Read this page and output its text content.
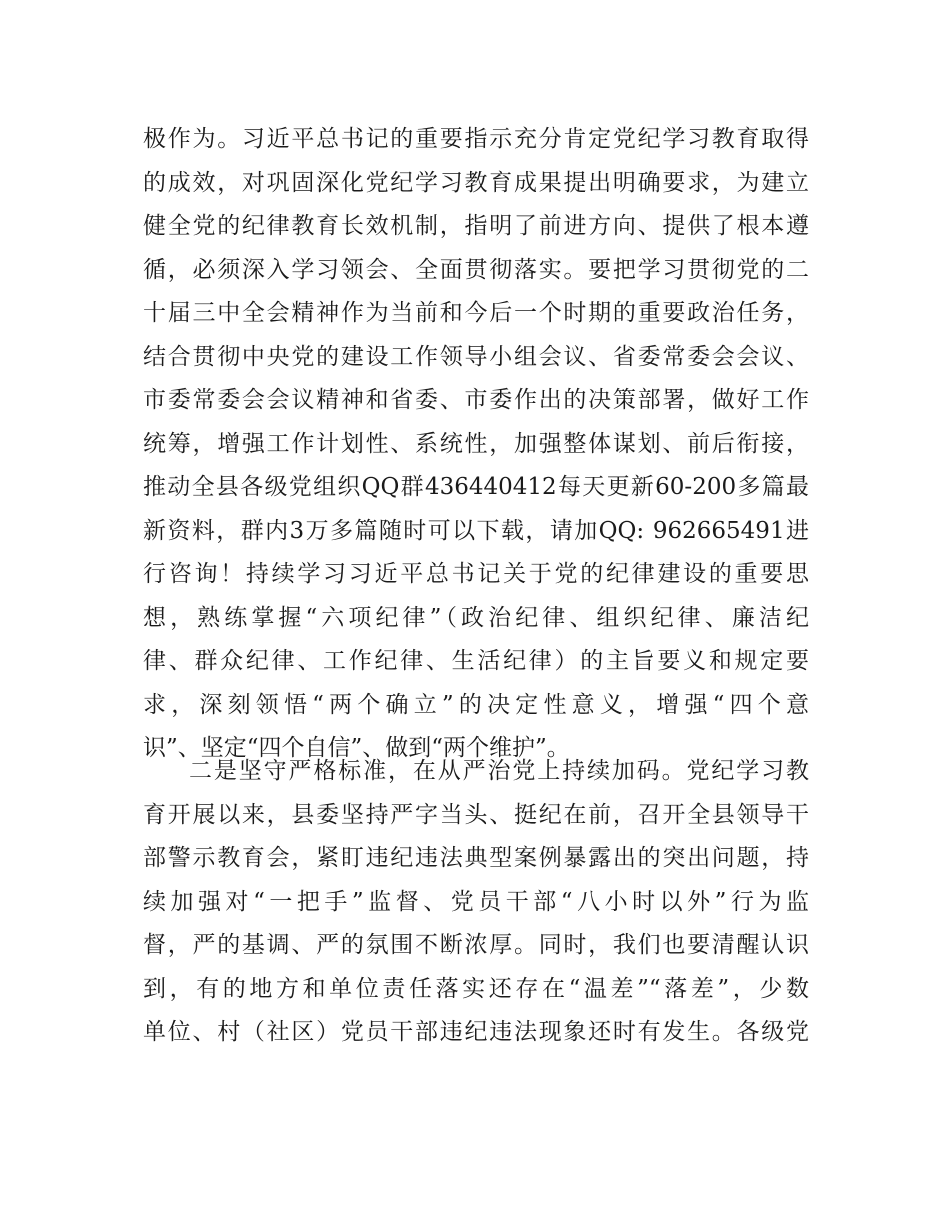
极作为。习近平总书记的重要指示充分肯定党纪学习教育取得
的成效，对巩固深化党纪学习教育成果提出明确要求，为建立
健全党的纪律教育长效机制，指明了前进方向、提供了根本遵
循，必须深入学习领会、全面贯彻落实。要把学习贯彻党的二
十届三中全会精神作为当前和今后一个时期的重要政治任务，
结合贯彻中央党的建设工作领导小组会议、省委常委会会议、
市委常委会会议精神和省委、市委作出的决策部署，做好工作
统筹，增强工作计划性、系统性，加强整体谋划、前后衔接，
推动全县各级党组织QQ群436440412每天更新60-200多篇最
新资料，群内3万多篇随时可以下载，请加QQ: 962665491进
行咨询！持续学习习近平总书记关于党的纪律建设的重要思
想，熟练掌握“六项纪律”（政治纪律、组织纪律、廉洁纪
律、群众纪律、工作纪律、生活纪律）的主旨要义和规定要
求，深刻领悟“两个确立”的决定性意义，增强“四个意
识”、坚定“四个自信”、做到“两个维护”。
二是坚守严格标准，在从严治党上持续加码。党纪学习教
育开展以来，县委坚持严字当头、挺纪在前，召开全县领导干
部警示教育会，紧盯违纪违法典型案例暴露出的突出问题，持
续加强对“一把手”监督、党员干部“八小时以外”行为监
督，严的基调、严的氛围不断浓厚。同时，我们也要清醒认识
到，有的地方和单位责任落实还存在“温差”“落差”，少数
单位、村（社区）党员干部违纪违法现象还时有发生。各级党
